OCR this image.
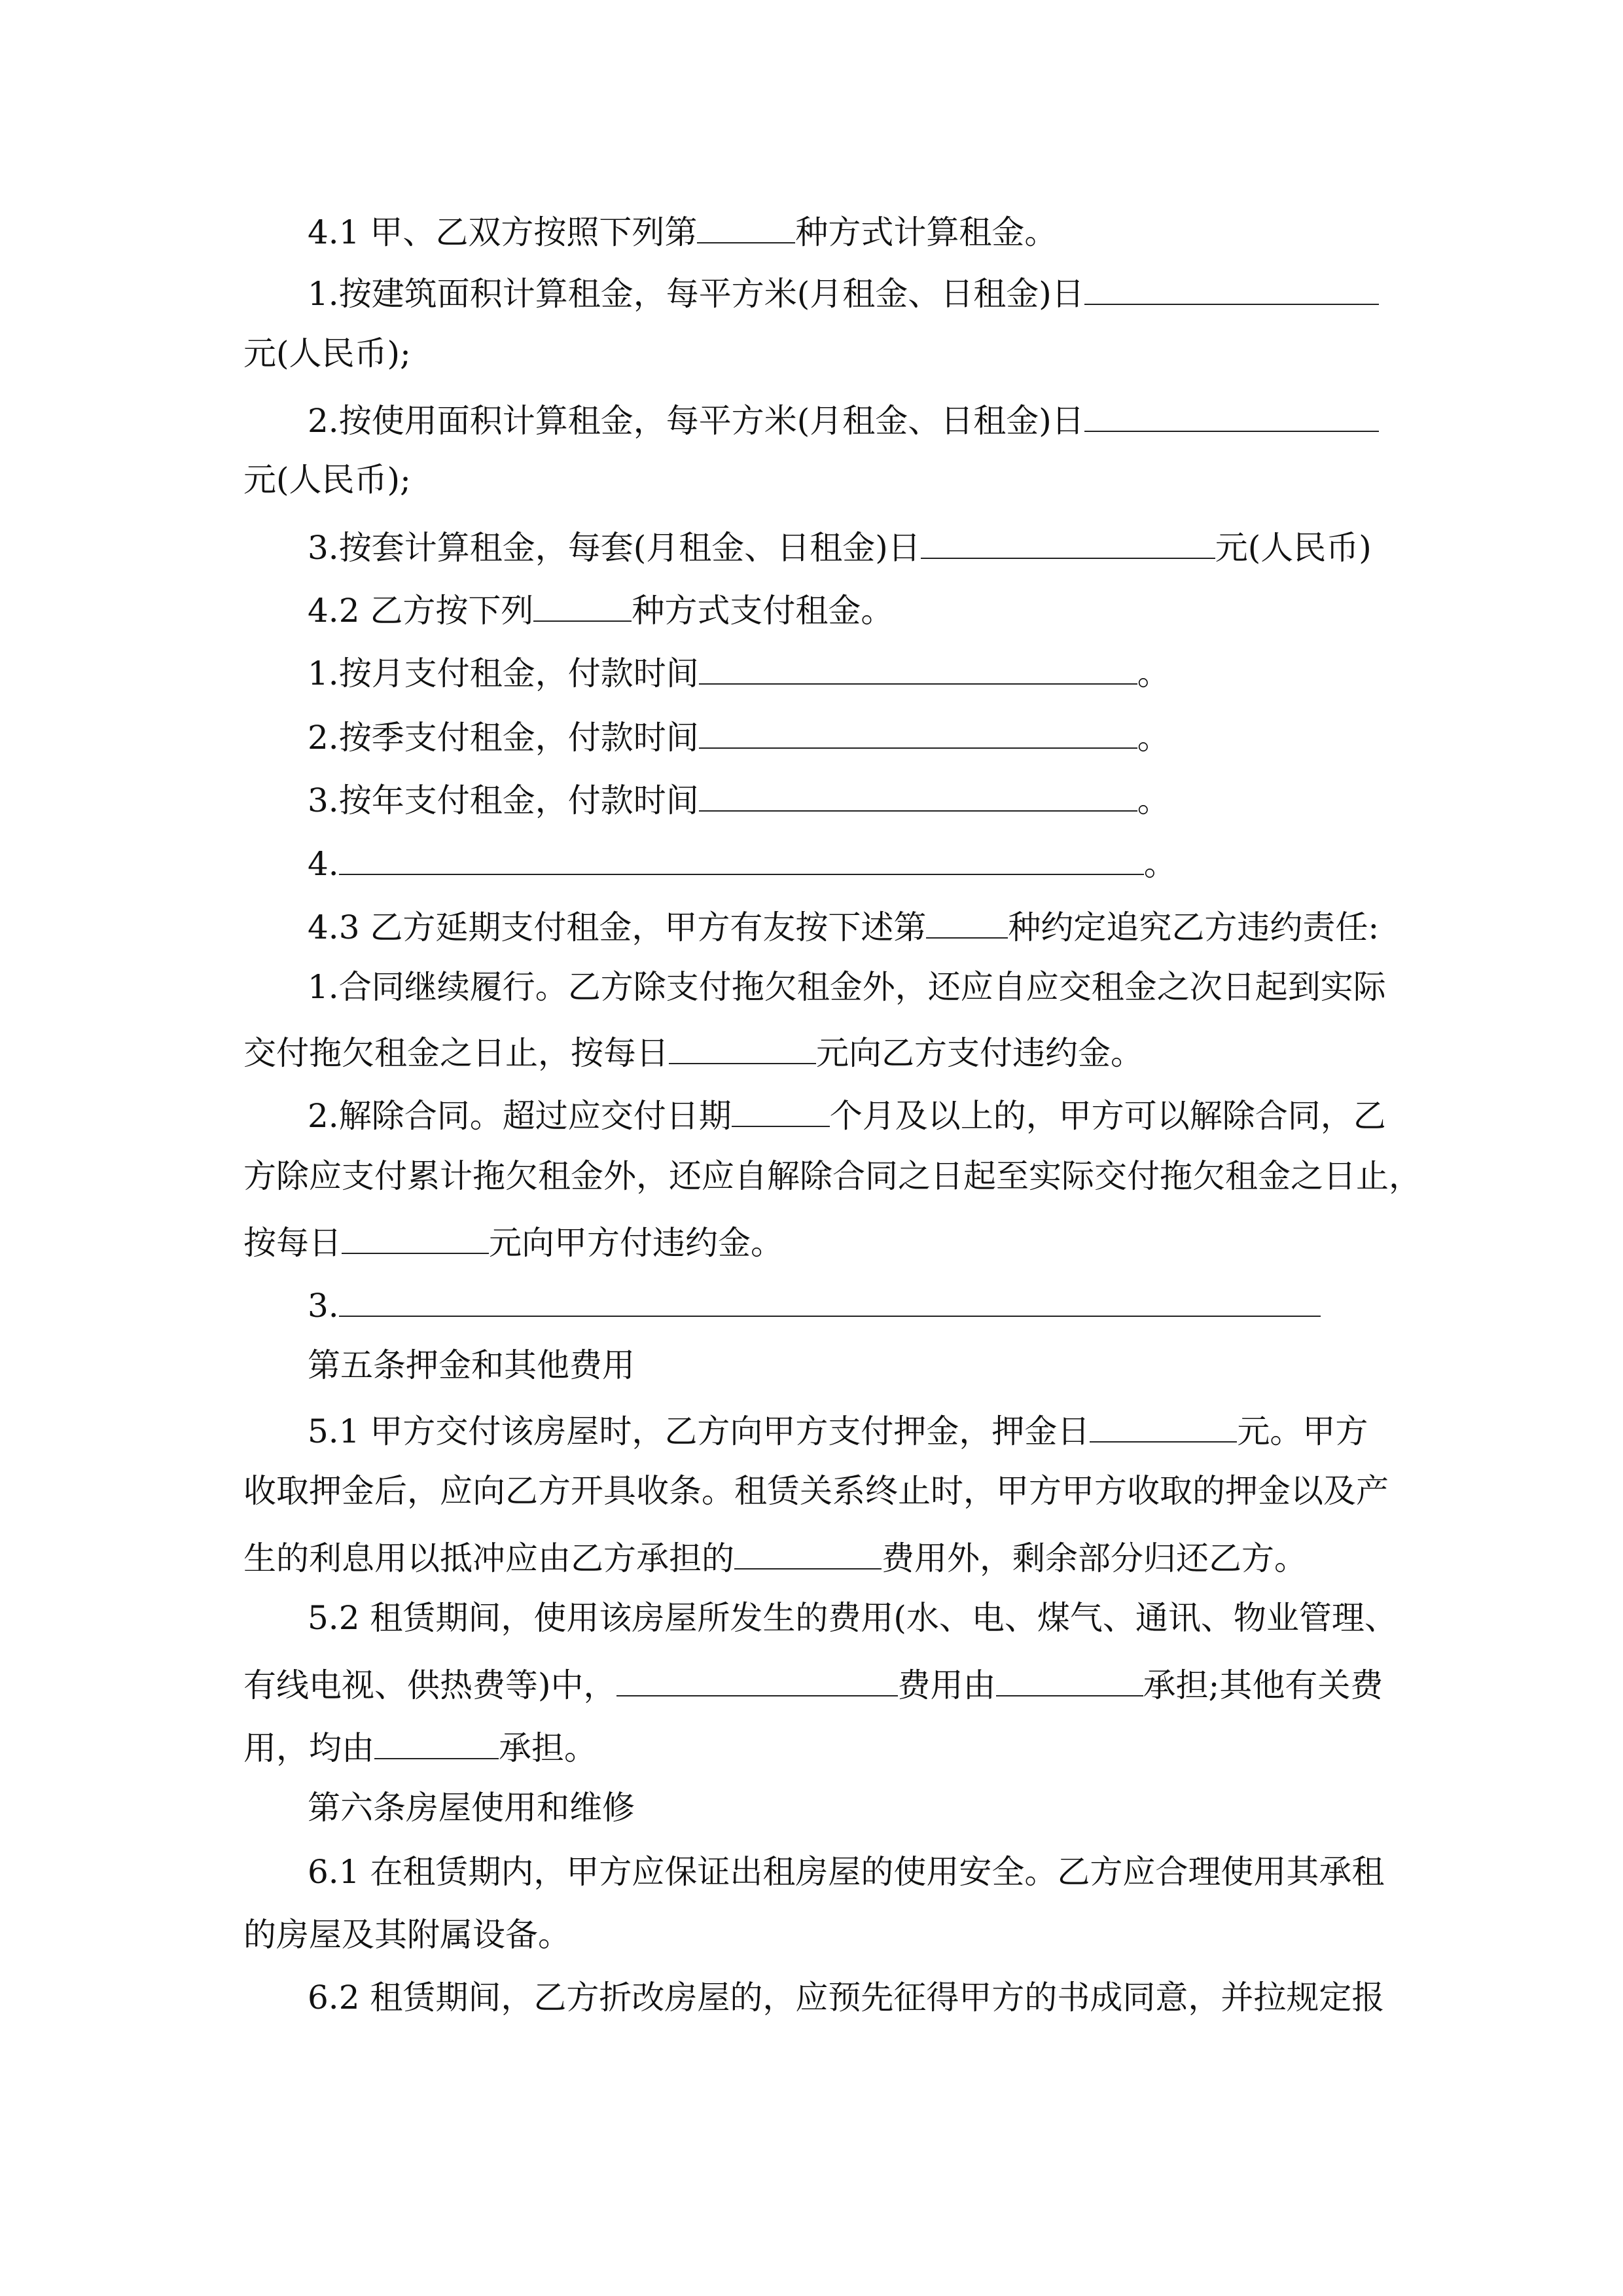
4.1 甲、乙双方按照下列第	种方式计算租金。
1.按建筑面积计算租金，每平方米(月租金、日租金)日
元(人民币);
2.按使用面积计算租金，每平方米(月租金、日租金)日
元(人民币);
3.按套计算租金，每套(月租金、日租金)日	元(人民币)
4.2 乙方按下列	种方式支付租金。
1.按月支付租金，付款时间	。
2.按季支付租金，付款时间	。
3.按年支付租金，付款时间	。
4.	。
4.3 乙方延期支付租金，甲方有友按下述第	种约定追究乙方违约责任:
1.合同继续履行。乙方除支付拖欠租金外，还应自应交租金之次日起到实际
交付拖欠租金之日止，按每日	元向乙方支付违约金。
2.解除合同。超过应交付日期	个月及以上的，甲方可以解除合同，乙
方除应支付累计拖欠租金外，还应自解除合同之日起至实际交付拖欠租金之日止，
按每日	元向甲方付违约金。
3.
第五条押金和其他费用
5.1 甲方交付该房屋时，乙方向甲方支付押金，押金日	元。甲方
收取押金后，应向乙方开具收条。租赁关系终止时，甲方甲方收取的押金以及产
生的利息用以抵冲应由乙方承担的	费用外，剩余部分归还乙方。
5.2 租赁期间，使用该房屋所发生的费用(水、电、煤气、通讯、物业管理、
有线电视、供热费等)中，	费用由	承担;其他有关费
用，均由	承担。
第六条房屋使用和维修
6.1 在租赁期内，甲方应保证出租房屋的使用安全。乙方应合理使用其承租
的房屋及其附属设备。
6.2 租赁期间，乙方折改房屋的，应预先征得甲方的书成同意，并拉规定报
